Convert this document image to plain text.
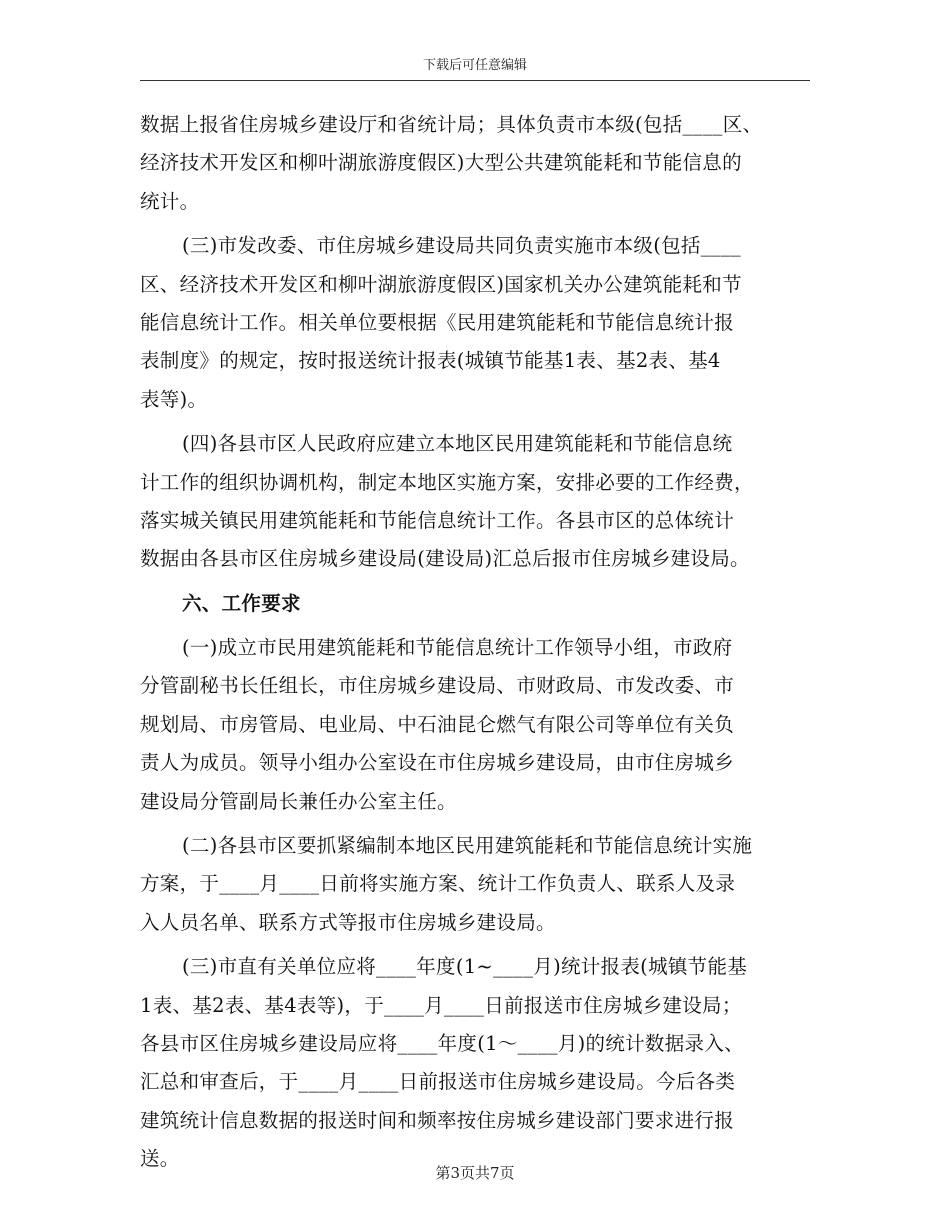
下载后可任意编辑
数据上报省住房城乡建设厅和省统计局；具体负责市本级(包括____区、
经济技术开发区和柳叶湖旅游度假区)大型公共建筑能耗和节能信息的
统计。
(三)市发改委、市住房城乡建设局共同负责实施市本级(包括____
区、经济技术开发区和柳叶湖旅游度假区)国家机关办公建筑能耗和节
能信息统计工作。相关单位要根据《民用建筑能耗和节能信息统计报
表制度》的规定，按时报送统计报表(城镇节能基1表、基2表、基4
表等)。
(四)各县市区人民政府应建立本地区民用建筑能耗和节能信息统
计工作的组织协调机构，制定本地区实施方案，安排必要的工作经费，
落实城关镇民用建筑能耗和节能信息统计工作。各县市区的总体统计
数据由各县市区住房城乡建设局(建设局)汇总后报市住房城乡建设局。
六、工作要求
(一)成立市民用建筑能耗和节能信息统计工作领导小组，市政府
分管副秘书长任组长，市住房城乡建设局、市财政局、市发改委、市
规划局、市房管局、电业局、中石油昆仑燃气有限公司等单位有关负
责人为成员。领导小组办公室设在市住房城乡建设局，由市住房城乡
建设局分管副局长兼任办公室主任。
(二)各县市区要抓紧编制本地区民用建筑能耗和节能信息统计实施
方案，于____月____日前将实施方案、统计工作负责人、联系人及录
入人员名单、联系方式等报市住房城乡建设局。
(三)市直有关单位应将____年度(1~____月)统计报表(城镇节能基
1表、基2表、基4表等)，于____月____日前报送市住房城乡建设局；
各县市区住房城乡建设局应将____年度(1～____月)的统计数据录入、
汇总和审查后，于____月____日前报送市住房城乡建设局。今后各类
建筑统计信息数据的报送时间和频率按住房城乡建设部门要求进行报
送。
第3页共7页
